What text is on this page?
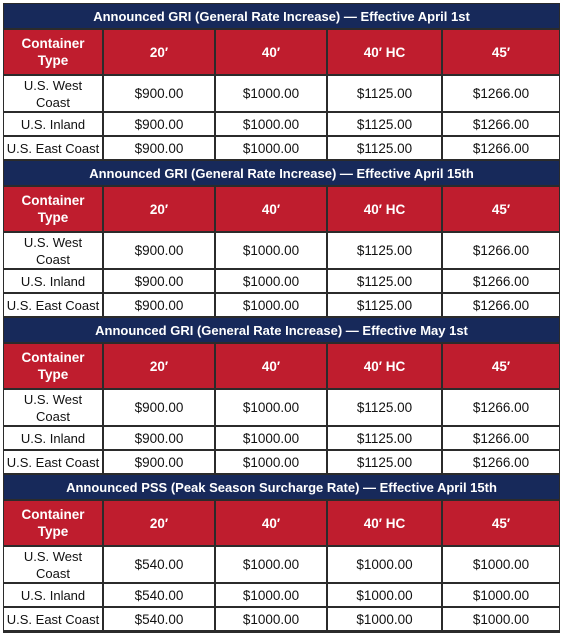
Announced GRI (General Rate Increase) — Effective April 1st				
Container Type	20′	40′	40′ HC	45′
U.S. West Coast	$900.00	$1000.00	$1125.00	$1266.00
U.S. Inland	$900.00	$1000.00	$1125.00	$1266.00
U.S. East Coast	$900.00	$1000.00	$1125.00	$1266.00
Announced GRI (General Rate Increase) — Effective April 15th				
Container Type	20′	40′	40′ HC	45′
U.S. West Coast	$900.00	$1000.00	$1125.00	$1266.00
U.S. Inland	$900.00	$1000.00	$1125.00	$1266.00
U.S. East Coast	$900.00	$1000.00	$1125.00	$1266.00
Announced GRI (General Rate Increase) — Effective May 1st				
Container Type	20′	40′	40′ HC	45′
U.S. West Coast	$900.00	$1000.00	$1125.00	$1266.00
U.S. Inland	$900.00	$1000.00	$1125.00	$1266.00
U.S. East Coast	$900.00	$1000.00	$1125.00	$1266.00
Announced PSS (Peak Season Surcharge Rate) — Effective April 15th				
Container Type	20′	40′	40′ HC	45′
U.S. West Coast	$540.00	$1000.00	$1000.00	$1000.00
U.S. Inland	$540.00	$1000.00	$1000.00	$1000.00
U.S. East Coast	$540.00	$1000.00	$1000.00	$1000.00
